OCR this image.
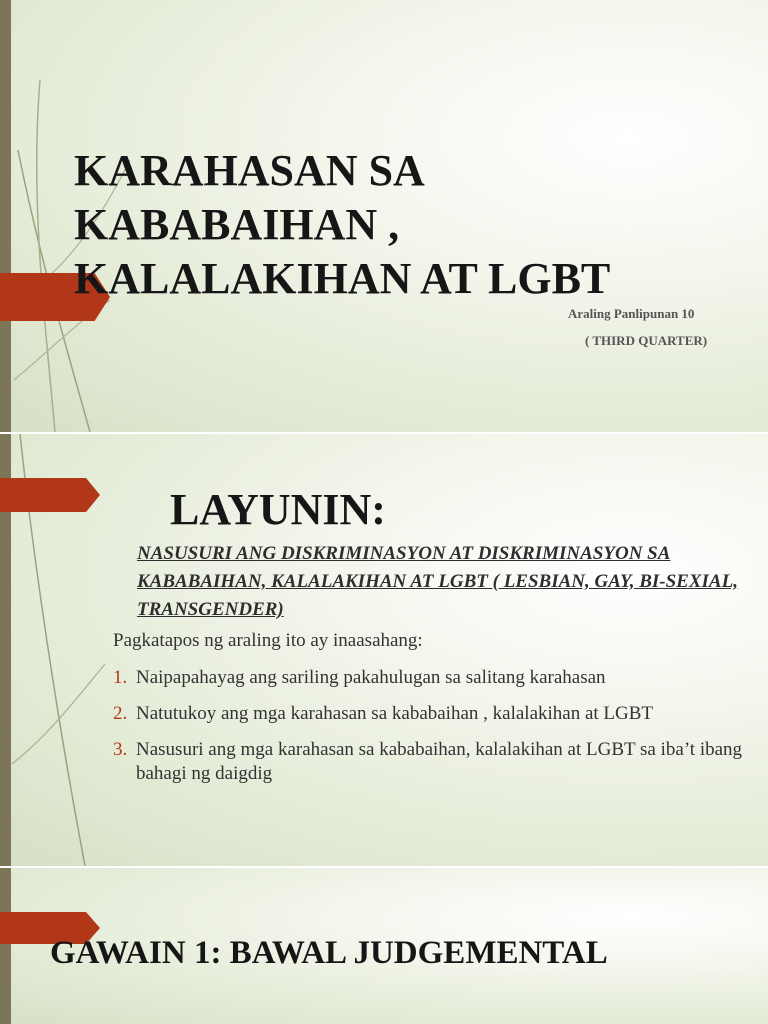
KARAHASAN SA
KABABAIHAN ,
KALALAKIHAN AT LGBT
Araling Panlipunan 10
( THIRD QUARTER)
LAYUNIN:

NASUSURI ANG DISKRIMINASYON AT DISKRIMINASYON SA KABABAIHAN, KALALAKIHAN AT LGBT ( LESBIAN, GAY, BI-SEXIAL, TRANSGENDER)

Pagkatapos ng araling ito ay inaasahang:

1. Naipapahayag ang sariling pakahulugan sa salitang karahasan
2. Natutukoy ang mga karahasan sa kababaihan , kalalakihan at LGBT
3. Nasusuri ang mga karahasan sa kababaihan, kalalakihan at LGBT sa iba’t ibang bahagi ng daigdig
GAWAIN 1: BAWAL JUDGEMENTAL
